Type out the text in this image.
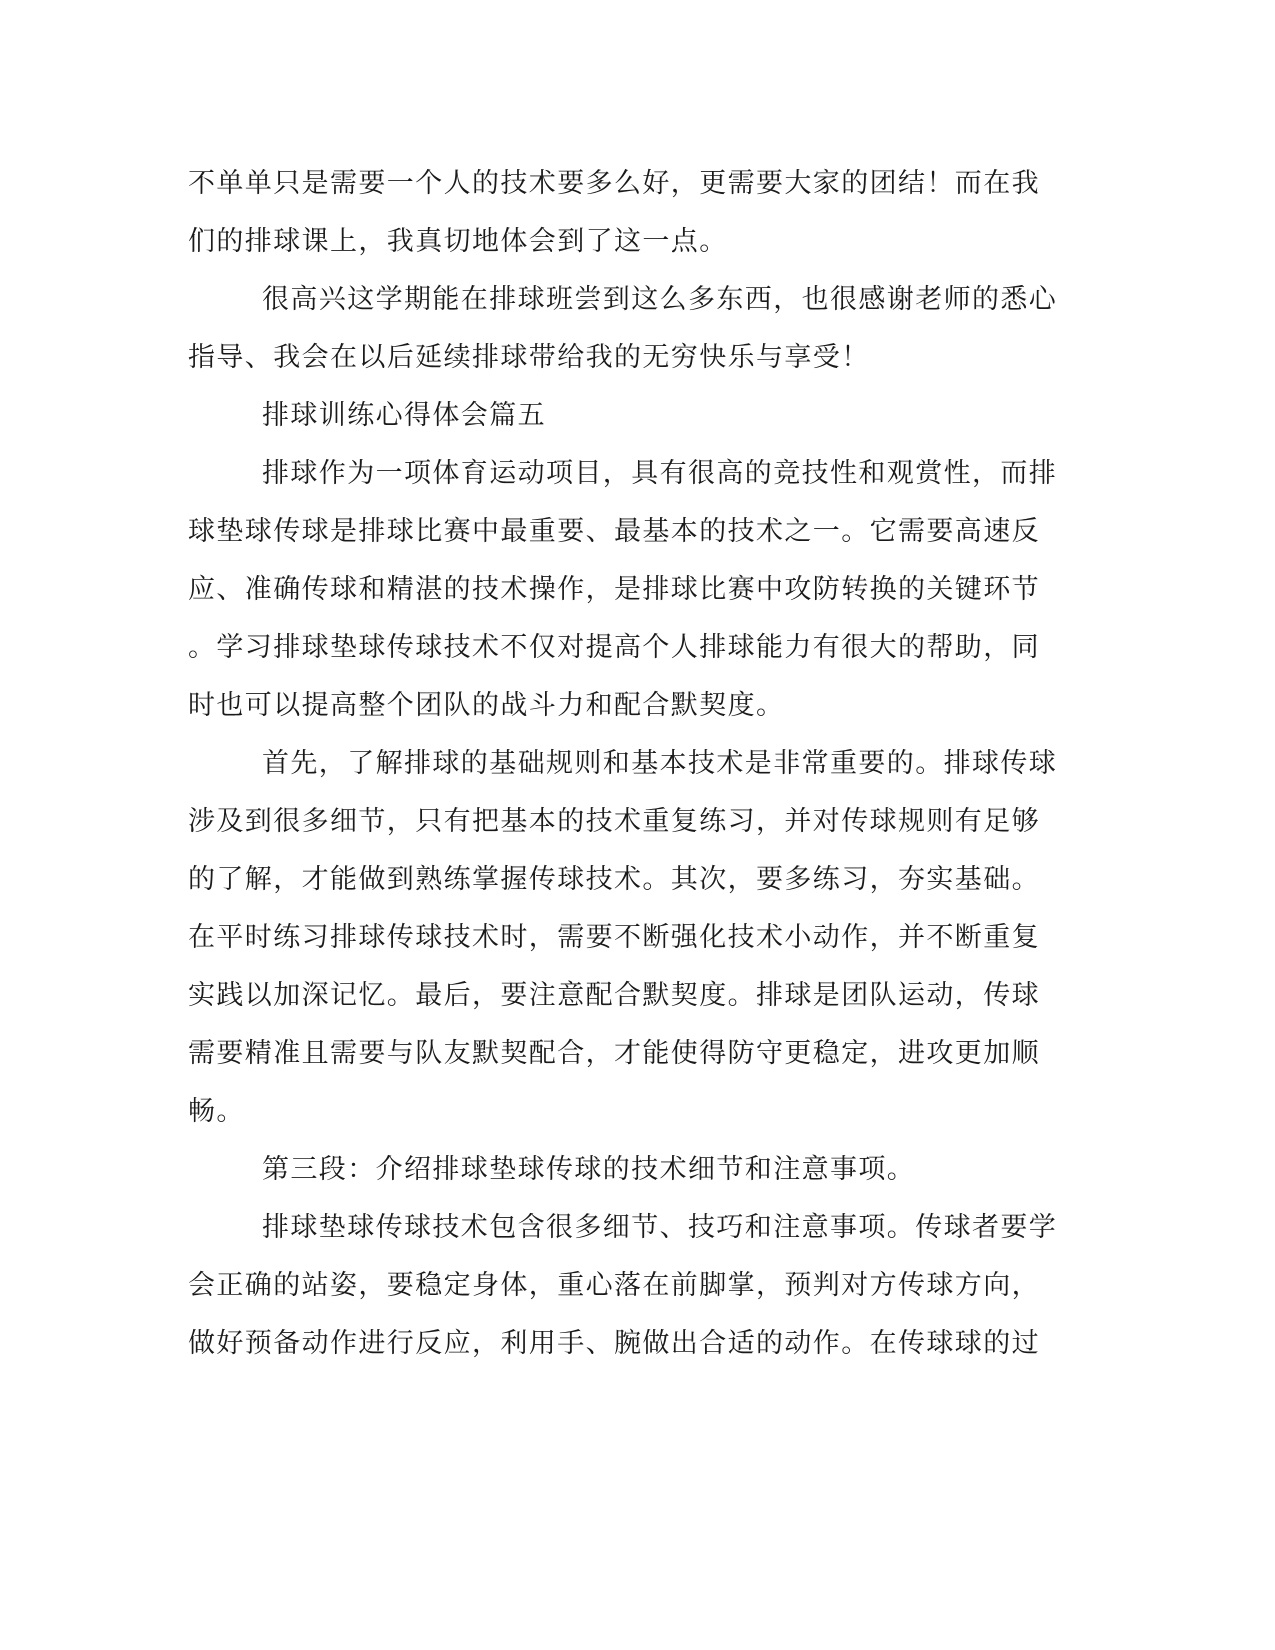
不单单只是需要一个人的技术要多么好，更需要大家的团结！而在我
们的排球课上，我真切地体会到了这一点。
很高兴这学期能在排球班尝到这么多东西，也很感谢老师的悉心
指导、我会在以后延续排球带给我的无穷快乐与享受！
排球训练心得体会篇五
排球作为一项体育运动项目，具有很高的竞技性和观赏性，而排
球垫球传球是排球比赛中最重要、最基本的技术之一。它需要高速反
应、准确传球和精湛的技术操作，是排球比赛中攻防转换的关键环节
。学习排球垫球传球技术不仅对提高个人排球能力有很大的帮助，同
时也可以提高整个团队的战斗力和配合默契度。
首先，了解排球的基础规则和基本技术是非常重要的。排球传球
涉及到很多细节，只有把基本的技术重复练习，并对传球规则有足够
的了解，才能做到熟练掌握传球技术。其次，要多练习，夯实基础。
在平时练习排球传球技术时，需要不断强化技术小动作，并不断重复
实践以加深记忆。最后，要注意配合默契度。排球是团队运动，传球
需要精准且需要与队友默契配合，才能使得防守更稳定，进攻更加顺
畅。
第三段：介绍排球垫球传球的技术细节和注意事项。
排球垫球传球技术包含很多细节、技巧和注意事项。传球者要学
会正确的站姿，要稳定身体，重心落在前脚掌，预判对方传球方向，
做好预备动作进行反应，利用手、腕做出合适的动作。在传球球的过
